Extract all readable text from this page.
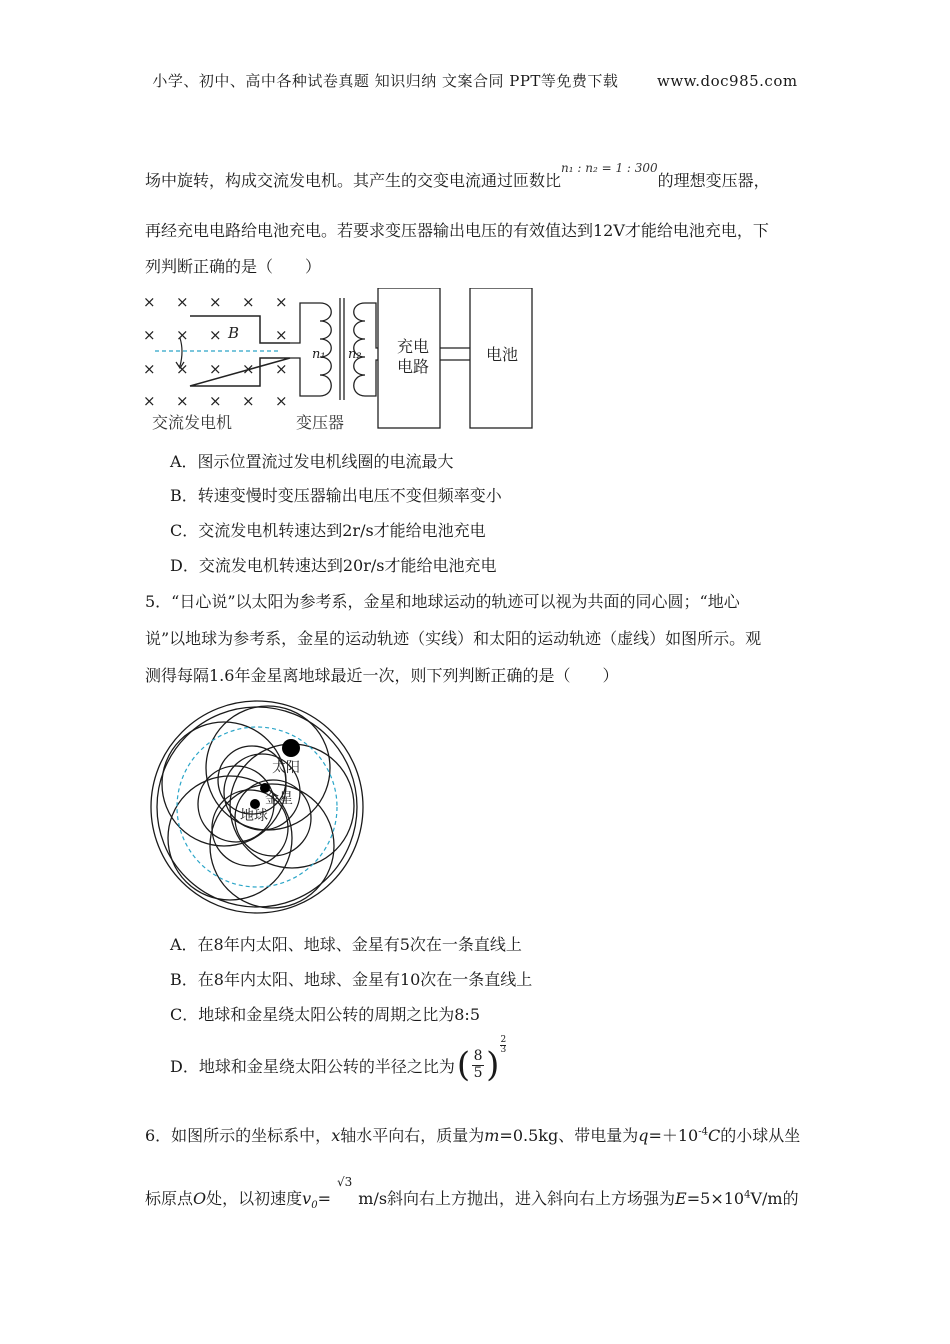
小学、初中、高中各种试卷真题 知识归纳 文案合同 PPT等免费下载	www.doc985.com
场中旋转，构成交流发电机。其产生的交变电流通过匝数比$^{n_1 : n_2 = 1 : 300}$的理想变压器，
再经充电电路给电池充电。若要求变压器输出电压的有效值达到12V才能给电池充电，下
列判断正确的是（　　）
× × × × ×
× × ×	×
× × × × ×
× × × × ×
B
n₁ n₂ 充电
电路
电池
交流发电机	变压器
A．图示位置流过发电机线圈的电流最大
B．转速变慢时变压器输出电压不变但频率变小
C．交流发电机转速达到2r/s才能给电池充电
D．交流发电机转速达到20r/s才能给电池充电
5．“日心说”以太阳为参考系，金星和地球运动的轨迹可以视为共面的同心圆；“地心
说”以地球为参考系，金星的运动轨迹（实线）和太阳的运动轨迹（虚线）如图所示。观
测得每隔1.6年金星离地球最近一次，则下列判断正确的是（　　）
太阳
金星
地球
A．在8年内太阳、地球、金星有5次在一条直线上
B．在8年内太阳、地球、金星有10次在一条直线上
C．地球和金星绕太阳公转的周期之比为8:5
D．地球和金星绕太阳公转的半径之比为 ( 8
5 )
2
3
6．如图所示的坐标系中，x轴水平向右，质量为m=0.5kg、带电量为$q=+10^{-4}C$的小球从坐
标原点O处，以初速度$v_0=^{√3}m/s$斜向右上方抛出，进入斜向右上方场强为$E=5\times 10^4V/m$的
